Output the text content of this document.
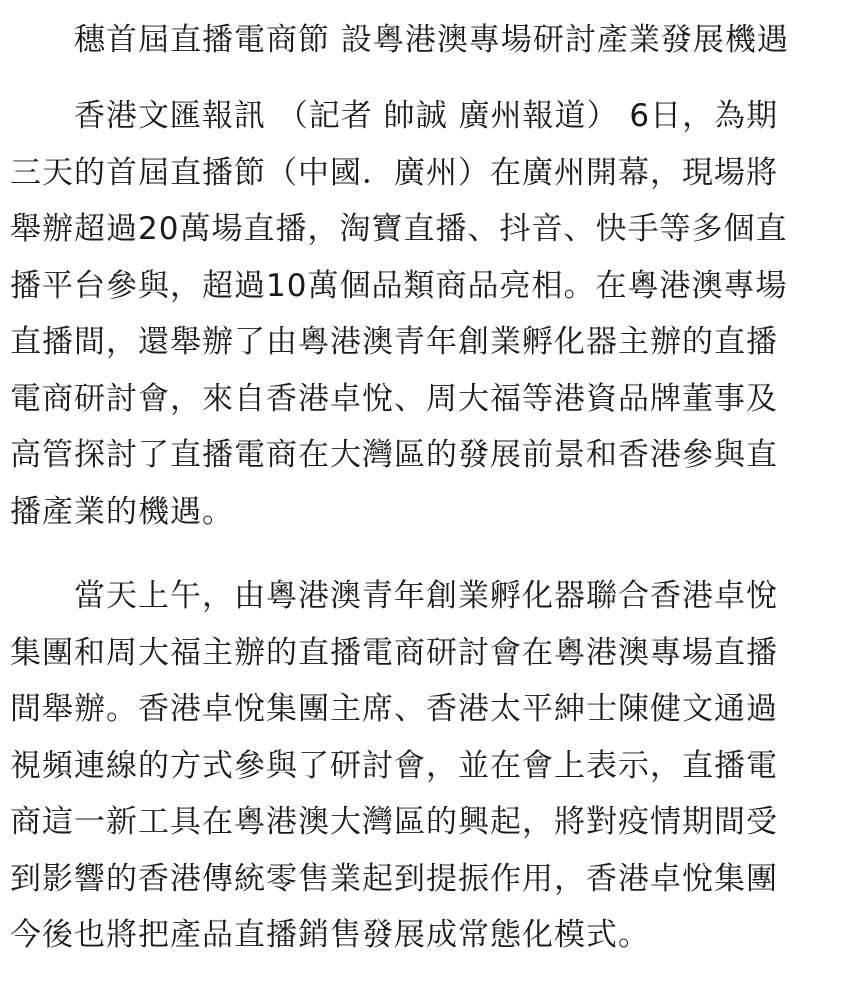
穗首屆直播電商節 設粵港澳專場研討產業發展機遇

香港文匯報訊 （記者 帥誠 廣州報道） 6日，為期
三天的首屆直播節（中國．廣州）在廣州開幕，現場將
舉辦超過20萬場直播，淘寶直播、抖音、快手等多個直
播平台參與，超過10萬個品類商品亮相。在粵港澳專場
直播間，還舉辦了由粵港澳青年創業孵化器主辦的直播
電商研討會，來自香港卓悅、周大福等港資品牌董事及
高管探討了直播電商在大灣區的發展前景和香港參與直
播產業的機遇。

當天上午，由粵港澳青年創業孵化器聯合香港卓悅
集團和周大福主辦的直播電商研討會在粵港澳專場直播
間舉辦。香港卓悅集團主席、香港太平紳士陳健文通過
視頻連線的方式參與了研討會，並在會上表示，直播電
商這一新工具在粵港澳大灣區的興起，將對疫情期間受
到影響的香港傳統零售業起到提振作用，香港卓悅集團
今後也將把產品直播銷售發展成常態化模式。
